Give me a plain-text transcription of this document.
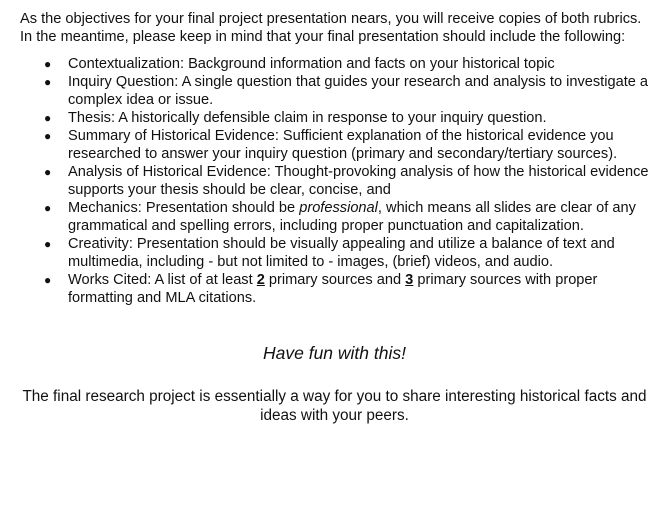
As the objectives for your final project presentation nears, you will receive copies of both rubrics. In the meantime, please keep in mind that your final presentation should include the following:

● Contextualization: Background information and facts on your historical topic
● Inquiry Question: A single question that guides your research and analysis to investigate a complex idea or issue.
● Thesis: A historically defensible claim in response to your inquiry question.
● Summary of Historical Evidence: Sufficient explanation of the historical evidence you researched to answer your inquiry question (primary and secondary/tertiary sources).
● Analysis of Historical Evidence: Thought-provoking analysis of how the historical evidence supports your thesis should be clear, concise, and
● Mechanics: Presentation should be professional, which means all slides are clear of any grammatical and spelling errors, including proper punctuation and capitalization.
● Creativity: Presentation should be visually appealing and utilize a balance of text and multimedia, including - but not limited to - images, (brief) videos, and audio.
● Works Cited: A list of at least 2 primary sources and 3 primary sources with proper formatting and MLA citations.

Have fun with this!

The final research project is essentially a way for you to share interesting historical facts and ideas with your peers.
